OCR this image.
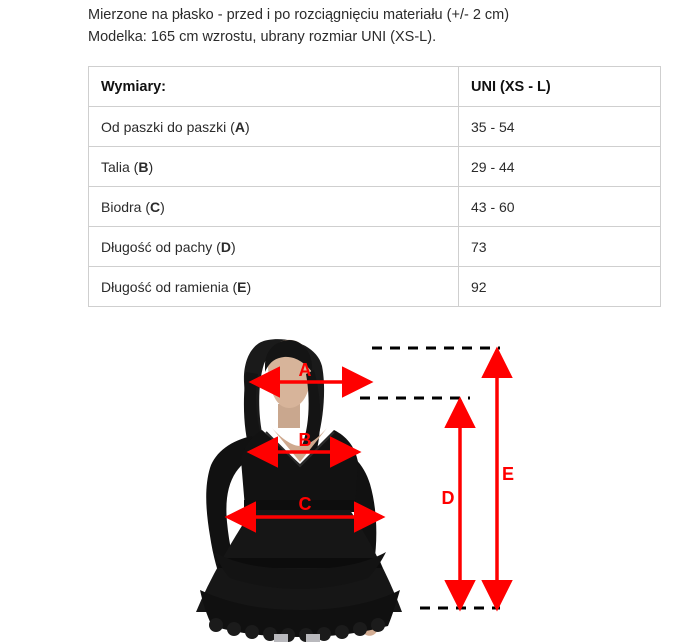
Mierzone na płasko - przed i po rozciągnięciu materiału (+/- 2 cm)
Modelka: 165 cm wzrostu, ubrany rozmiar UNI (XS-L).
Wymiary:	UNI (XS - L)
Od paszki do paszki (A)	35 - 54
Talia (B)	29 - 44
Biodra (C)	43 - 60
Długość od pachy (D)	73
Długość od ramienia (E)	92
A
B
C	D
E
